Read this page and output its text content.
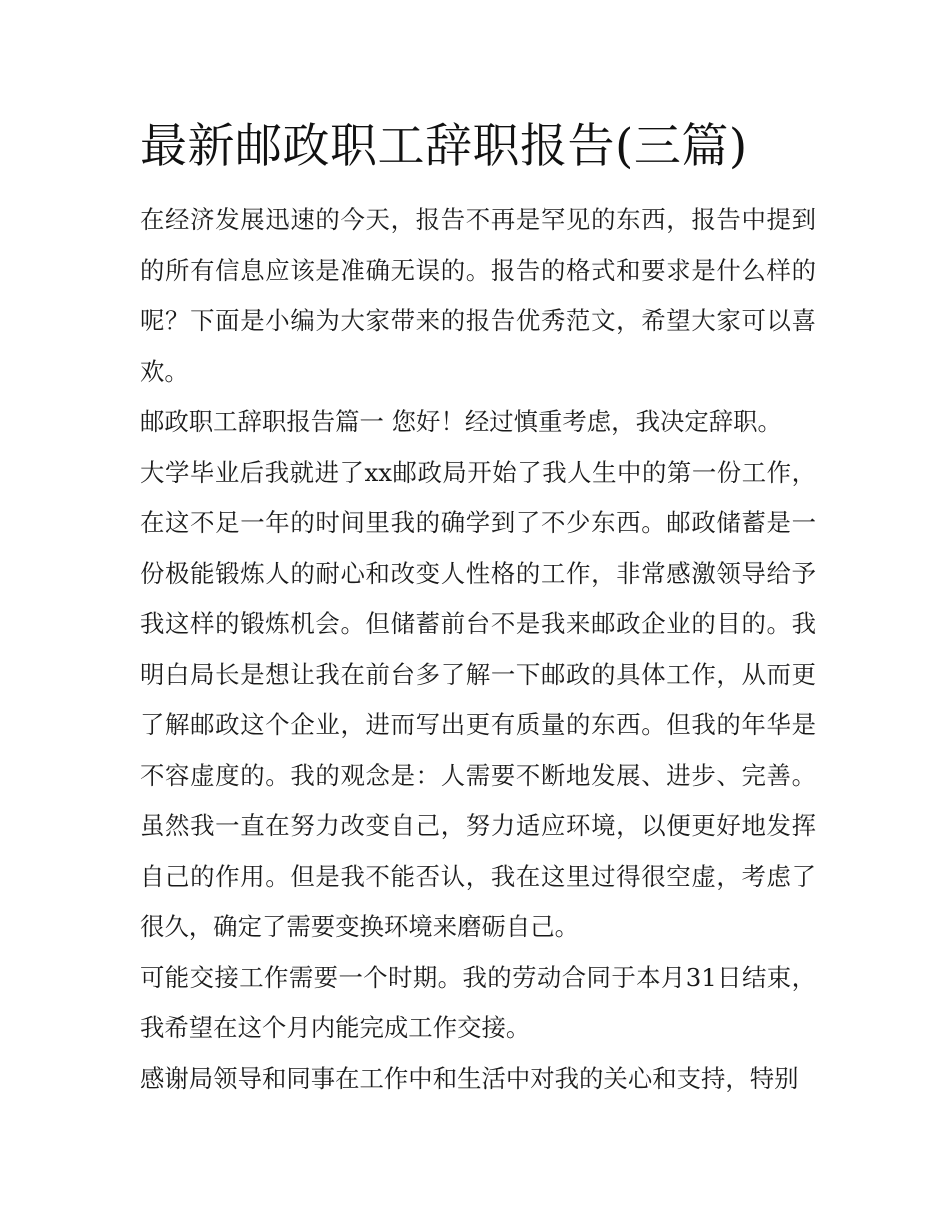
最新邮政职工辞职报告(三篇)

在经济发展迅速的今天，报告不再是罕见的东西，报告中提到的所有信息应该是准确无误的。报告的格式和要求是什么样的呢？下面是小编为大家带来的报告优秀范文，希望大家可以喜欢。

邮政职工辞职报告篇一 您好！经过慎重考虑，我决定辞职。

大学毕业后我就进了xx邮政局开始了我人生中的第一份工作，在这不足一年的时间里我的确学到了不少东西。邮政储蓄是一份极能锻炼人的耐心和改变人性格的工作，非常感激领导给予我这样的锻炼机会。但储蓄前台不是我来邮政企业的目的。我明白局长是想让我在前台多了解一下邮政的具体工作，从而更了解邮政这个企业，进而写出更有质量的东西。但我的年华是不容虚度的。我的观念是：人需要不断地发展、进步、完善。虽然我一直在努力改变自己，努力适应环境，以便更好地发挥自己的作用。但是我不能否认，我在这里过得很空虚，考虑了很久，确定了需要变换环境来磨砺自己。

可能交接工作需要一个时期。我的劳动合同于本月31日结束，我希望在这个月内能完成工作交接。

感谢局领导和同事在工作中和生活中对我的关心和支持，特别
